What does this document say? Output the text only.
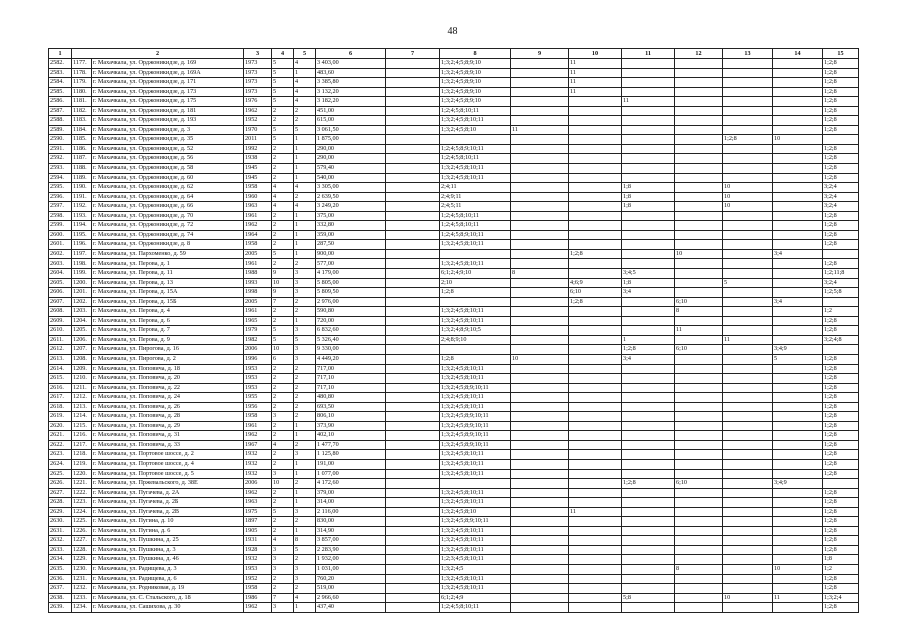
48
1	2		3	4	5	6	7	8	9	10	11	12	13	14	15
2582.	1177.	г. Махачкала, ул. Орджоникидзе, д. 169	1973	5	4	3 403,00		1;3;2;4;5;8;9;10		11					1;2;8
2583.	1178.	г. Махачкала, ул. Орджоникидзе, д. 169А	1973	5	1	483,60		1;3;2;4;5;8;9;10		11					1;2;8
2584.	1179.	г. Махачкала, ул. Орджоникидзе, д. 171	1973	5	4	3 385,80		1;3;2;4;5;8;9;10		11					1;2;8
2585.	1180.	г. Махачкала, ул. Орджоникидзе, д. 173	1973	5	4	3 132,20		1;3;2;4;5;8;9;10		11					1;2;8
2586.	1181.	г. Махачкала, ул. Орджоникидзе, д. 175	1976	5	4	3 182,20		1;3;2;4;5;8;9;10			11				1;2;8
2587.	1182.	г. Махачкала, ул. Орджоникидзе, д. 181	1962	2	2	451,00		1;2;4;5;8;10;11							1;2;8
2588.	1183.	г. Махачкала, ул. Орджоникидзе, д. 193	1952	2	2	615,00		1;3;2;4;5;8;10;11							1;2;8
2589.	1184.	г. Махачкала, ул. Орджоникидзе, д. 3	1970	5	5	3 061,50		1;3;2;4;5;8;10	11						1;2;8
2590.	1185.	г. Махачкала, ул. Орджоникидзе, д. 35	2011	5	1	1 875,00							1;2;8	10	
2591.	1186.	г. Махачкала, ул. Орджоникидзе, д. 52	1992	2	1	290,00		1;2;4;5;8;9;10;11							1;2;8
2592.	1187.	г. Махачкала, ул. Орджоникидзе, д. 56	1938	2	1	290,00		1;2;4;5;8;10;11							1;2;8
2593.	1188.	г. Махачкала, ул. Орджоникидзе, д. 58	1945	2	1	579,40		1;3;2;4;5;8;10;11							1;2;8
2594.	1189.	г. Махачкала, ул. Орджоникидзе, д. 60	1945	2	1	540,00		1;3;2;4;5;8;10;11							1;2;8
2595.	1190.	г. Махачкала, ул. Орджоникидзе, д. 62	1958	4	4	3 305,00		2;4;11			1;8		10		3;2;4
2596.	1191.	г. Махачкала, ул. Орджоникидзе, д. 64	1960	4	2	2 639,50		2;4;9;11			1;8		10		3;2;4
2597.	1192.	г. Махачкала, ул. Орджоникидзе, д. 66	1963	4	4	3 249,20		2;4;5;11			1;8		10		3;2;4
2598.	1193.	г. Махачкала, ул. Орджоникидзе, д. 70	1961	2	1	375,00		1;2;4;5;8;10;11							1;2;8
2599.	1194.	г. Махачкала, ул. Орджоникидзе, д. 72	1962	2	1	332,80		1;2;4;5;8;10;11							1;2;8
2600.	1195.	г. Махачкала, ул. Орджоникидзе, д. 74	1964	2	1	359,00		1;2;4;5;8;9;10;11							1;2;8
2601.	1196.	г. Махачкала, ул. Орджоникидзе, д. 8	1958	2	1	287,50		1;3;2;4;5;8;10;11							1;2;8
2602.	1197.	г. Махачкала, ул. Пархоменко, д. 59	2005	5	1	900,00				1;2;8		10		3;4	
2603.	1198.	г. Махачкала, ул. Перова, д. 1	1961	2	2	577,00		1;3;2;4;5;8;10;11							1;2;8
2604.	1199.	г. Махачкала, ул. Перова, д. 11	1988	9	3	4 179,00		6;1;2;4;9;10	8		3;4;5				1;2;11;8
2605.	1200.	г. Махачкала, ул. Перова, д. 13	1993	10	3	5 805,00		2;10		4;6;9	1;8		5		3;2;4
2606.	1201.	г. Махачкала, ул. Перова, д. 15А	1998	9	3	5 809,50		1;2;8		6;10	3;4				1;2;5;8
2607.	1202.	г. Махачкала, ул. Перова, д. 15Б	2005	7	2	2 976,00				1;2;8		6;10		3;4	
2608.	1203.	г. Махачкала, ул. Перова, д. 4	1961	2	2	590,80		1;3;2;4;5;8;10;11				8			1;2
2609.	1204.	г. Махачкала, ул. Перова, д. 6	1965	2	1	720,00		1;3;2;4;5;8;10;11							1;2;8
2610.	1205.	г. Махачкала, ул. Перова, д. 7	1979	5	3	6 832,60		1;3;2;4;8;9;10;5				11			1;2;8
2611.	1206.	г. Махачкала, ул. Перова, д. 9	1982	5	5	5 326,40		2;4;8;9;10			1		11		3;2;4;8
2612.	1207.	г. Махачкала, ул. Пирогова, д. 16	2006	10	3	9 330,00					1;2;8	6;10		3;4;9	
2613.	1208.	г. Махачкала, ул. Пирогова, д. 2	1996	6	3	4 449,20		1;2;8	10		3;4			5	1;2;8
2614.	1209.	г. Махачкала, ул. Поповича, д. 18	1953	2	2	717,00		1;3;2;4;5;8;10;11							1;2;8
2615.	1210.	г. Махачкала, ул. Поповича, д. 20	1953	2	2	717,10		1;3;2;4;5;8;10;11							1;2;8
2616.	1211.	г. Махачкала, ул. Поповича, д. 22	1953	2	2	717,10		1;3;2;4;5;8;9;10;11							1;2;8
2617.	1212.	г. Махачкала, ул. Поповича, д. 24	1955	2	2	480,80		1;3;2;4;5;8;10;11							1;2;8
2618.	1213.	г. Махачкала, ул. Поповича, д. 26	1956	2	2	693,50		1;3;2;4;5;8;10;11							1;2;8
2619.	1214.	г. Махачкала, ул. Поповича, д. 28	1958	3	2	806,10		1;3;2;4;5;8;9;10;11							1;2;8
2620.	1215.	г. Махачкала, ул. Поповича, д. 29	1961	2	1	373,90		1;3;2;4;5;8;9;10;11							1;2;8
2621.	1216.	г. Махачкала, ул. Поповича, д. 31	1962	2	1	402,10		1;3;2;4;5;8;9;10;11							1;2;8
2622.	1217.	г. Махачкала, ул. Поповича, д. 33	1967	4	2	1 477,70		1;3;2;4;5;8;9;10;11							1;2;8
2623.	1218.	г. Махачкала, ул. Портовое шоссе, д. 2	1932	2	3	1 125,80		1;3;2;4;5;8;10;11							1;2;8
2624.	1219.	г. Махачкала, ул. Портовое шоссе, д. 4	1932	2	1	191,00		1;3;2;4;5;8;10;11							1;2;8
2625.	1220.	г. Махачкала, ул. Портовое шоссе, д. 5	1932	3	1	1 077,00		1;3;2;4;5;8;10;11							1;2;8
2626.	1221.	г. Махачкала, ул. Пржевальского, д. 38Е	2006	10	2	4 172,60					1;2;8	6;10		3;4;9	
2627.	1222.	г. Махачкала, ул. Пугачева, д. 2А	1962	2	1	379,00		1;3;2;4;5;8;10;11							1;2;8
2628.	1223.	г. Махачкала, ул. Пугачева, д. 2Б	1963	2	1	314,00		1;3;2;4;5;8;10;11							1;2;8
2629.	1224.	г. Махачкала, ул. Пугачева, д. 2В	1975	5	3	2 116,00		1;3;2;4;5;8;10		11					1;2;8
2630.	1225.	г. Махачкала, ул. Пугина, д. 10	1897	2	2	830,00		1;3;2;4;5;8;9;10;11							1;2;8
2631.	1226.	г. Махачкала, ул. Пугина, д. 6	1905	2	1	314,90		1;3;2;4;5;8;10;11							1;2;8
2632.	1227.	г. Махачкала, ул. Пушкина, д. 25	1931	4	8	3 857,00		1;3;2;4;5;8;10;11							1;2;8
2633.	1228.	г. Махачкала, ул. Пушкина, д. 3	1928	3	5	2 283,90		1;3;2;4;5;8;10;11							1;2;8
2634.	1229.	г. Махачкала, ул. Пушкина, д. 46	1932	3	2	1 932,00		1;2;3;4;5;8;10;11							1;8
2635.	1230.	г. Махачкала, ул. Радищева, д. 3	1953	3	3	1 031,00		1;3;2;4;5				8		10	1;2
2636.	1231.	г. Махачкала, ул. Радищева, д. 6	1952	2	3	760,20		1;3;2;4;5;8;10;11							1;2;8
2637.	1232.	г. Махачкала, ул. Родниковая, д. 19	1958	2	2	519,00		1;3;2;4;5;8;10;11							1;2;8
2638.	1233.	г. Махачкала, ул. С. Стальского, д. 18	1986	7	4	2 966,60		6;1;2;4;9			5;8		10	11	1;3;2;4
2639.	1234.	г. Махачкала, ул. Сашихова, д. 30	1962	3	1	437,40		1;2;4;5;8;10;11							1;2;8
